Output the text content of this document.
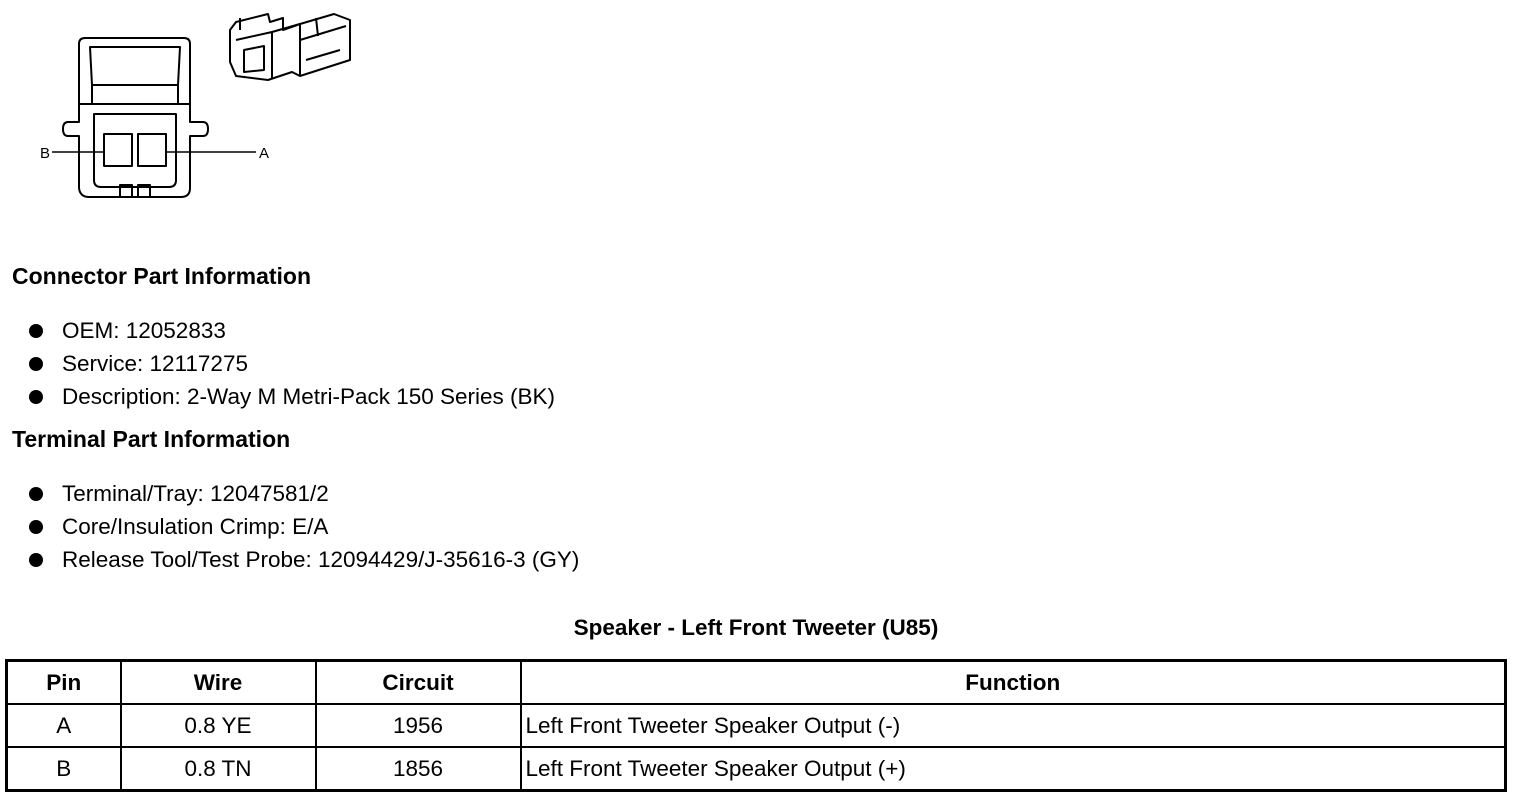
B	A
Connector Part Information
OEM: 12052833
Service: 12117275
Description: 2-Way M Metri-Pack 150 Series (BK)
Terminal Part Information
Terminal/Tray: 12047581/2
Core/Insulation Crimp: E/A
Release Tool/Test Probe: 12094429/J-35616-3 (GY)
Speaker - Left Front Tweeter (U85)
Pin	Wire	Circuit	Function
A	0.8 YE	1956	Left Front Tweeter Speaker Output (-)
B	0.8 TN	1856	Left Front Tweeter Speaker Output (+)
